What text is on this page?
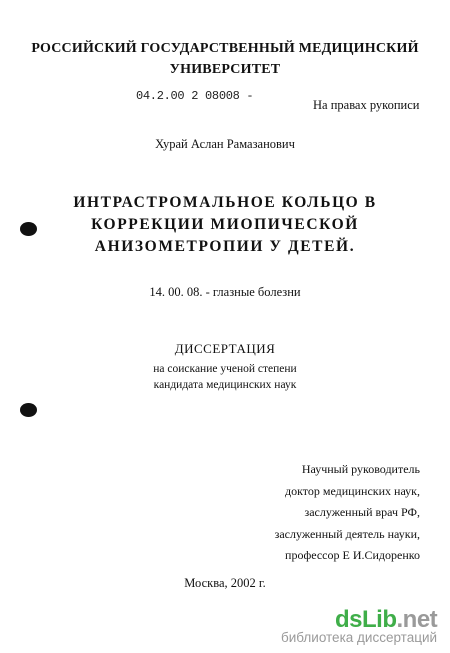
РОССИЙСКИЙ ГОСУДАРСТВЕННЫЙ МЕДИЦИНСКИЙ
УНИВЕРСИТЕТ
04.2.00 2 08008 -
На правах рукописи
Хурай Аслан Рамазанович
ИНТРАСТРОМАЛЬНОЕ КОЛЬЦО В
КОРРЕКЦИИ МИОПИЧЕСКОЙ
АНИЗОМЕТРОПИИ У ДЕТЕЙ.
14. 00. 08. - глазные болезни
ДИССЕРТАЦИЯ
на соискание ученой степени
кандидата медицинских наук
Научный руководитель
доктор медицинских наук,
заслуженный врач РФ,
заслуженный деятель науки,
профессор Е И.Сидоренко
Москва, 2002 г.
dsLib.net
библиотека диссертаций
